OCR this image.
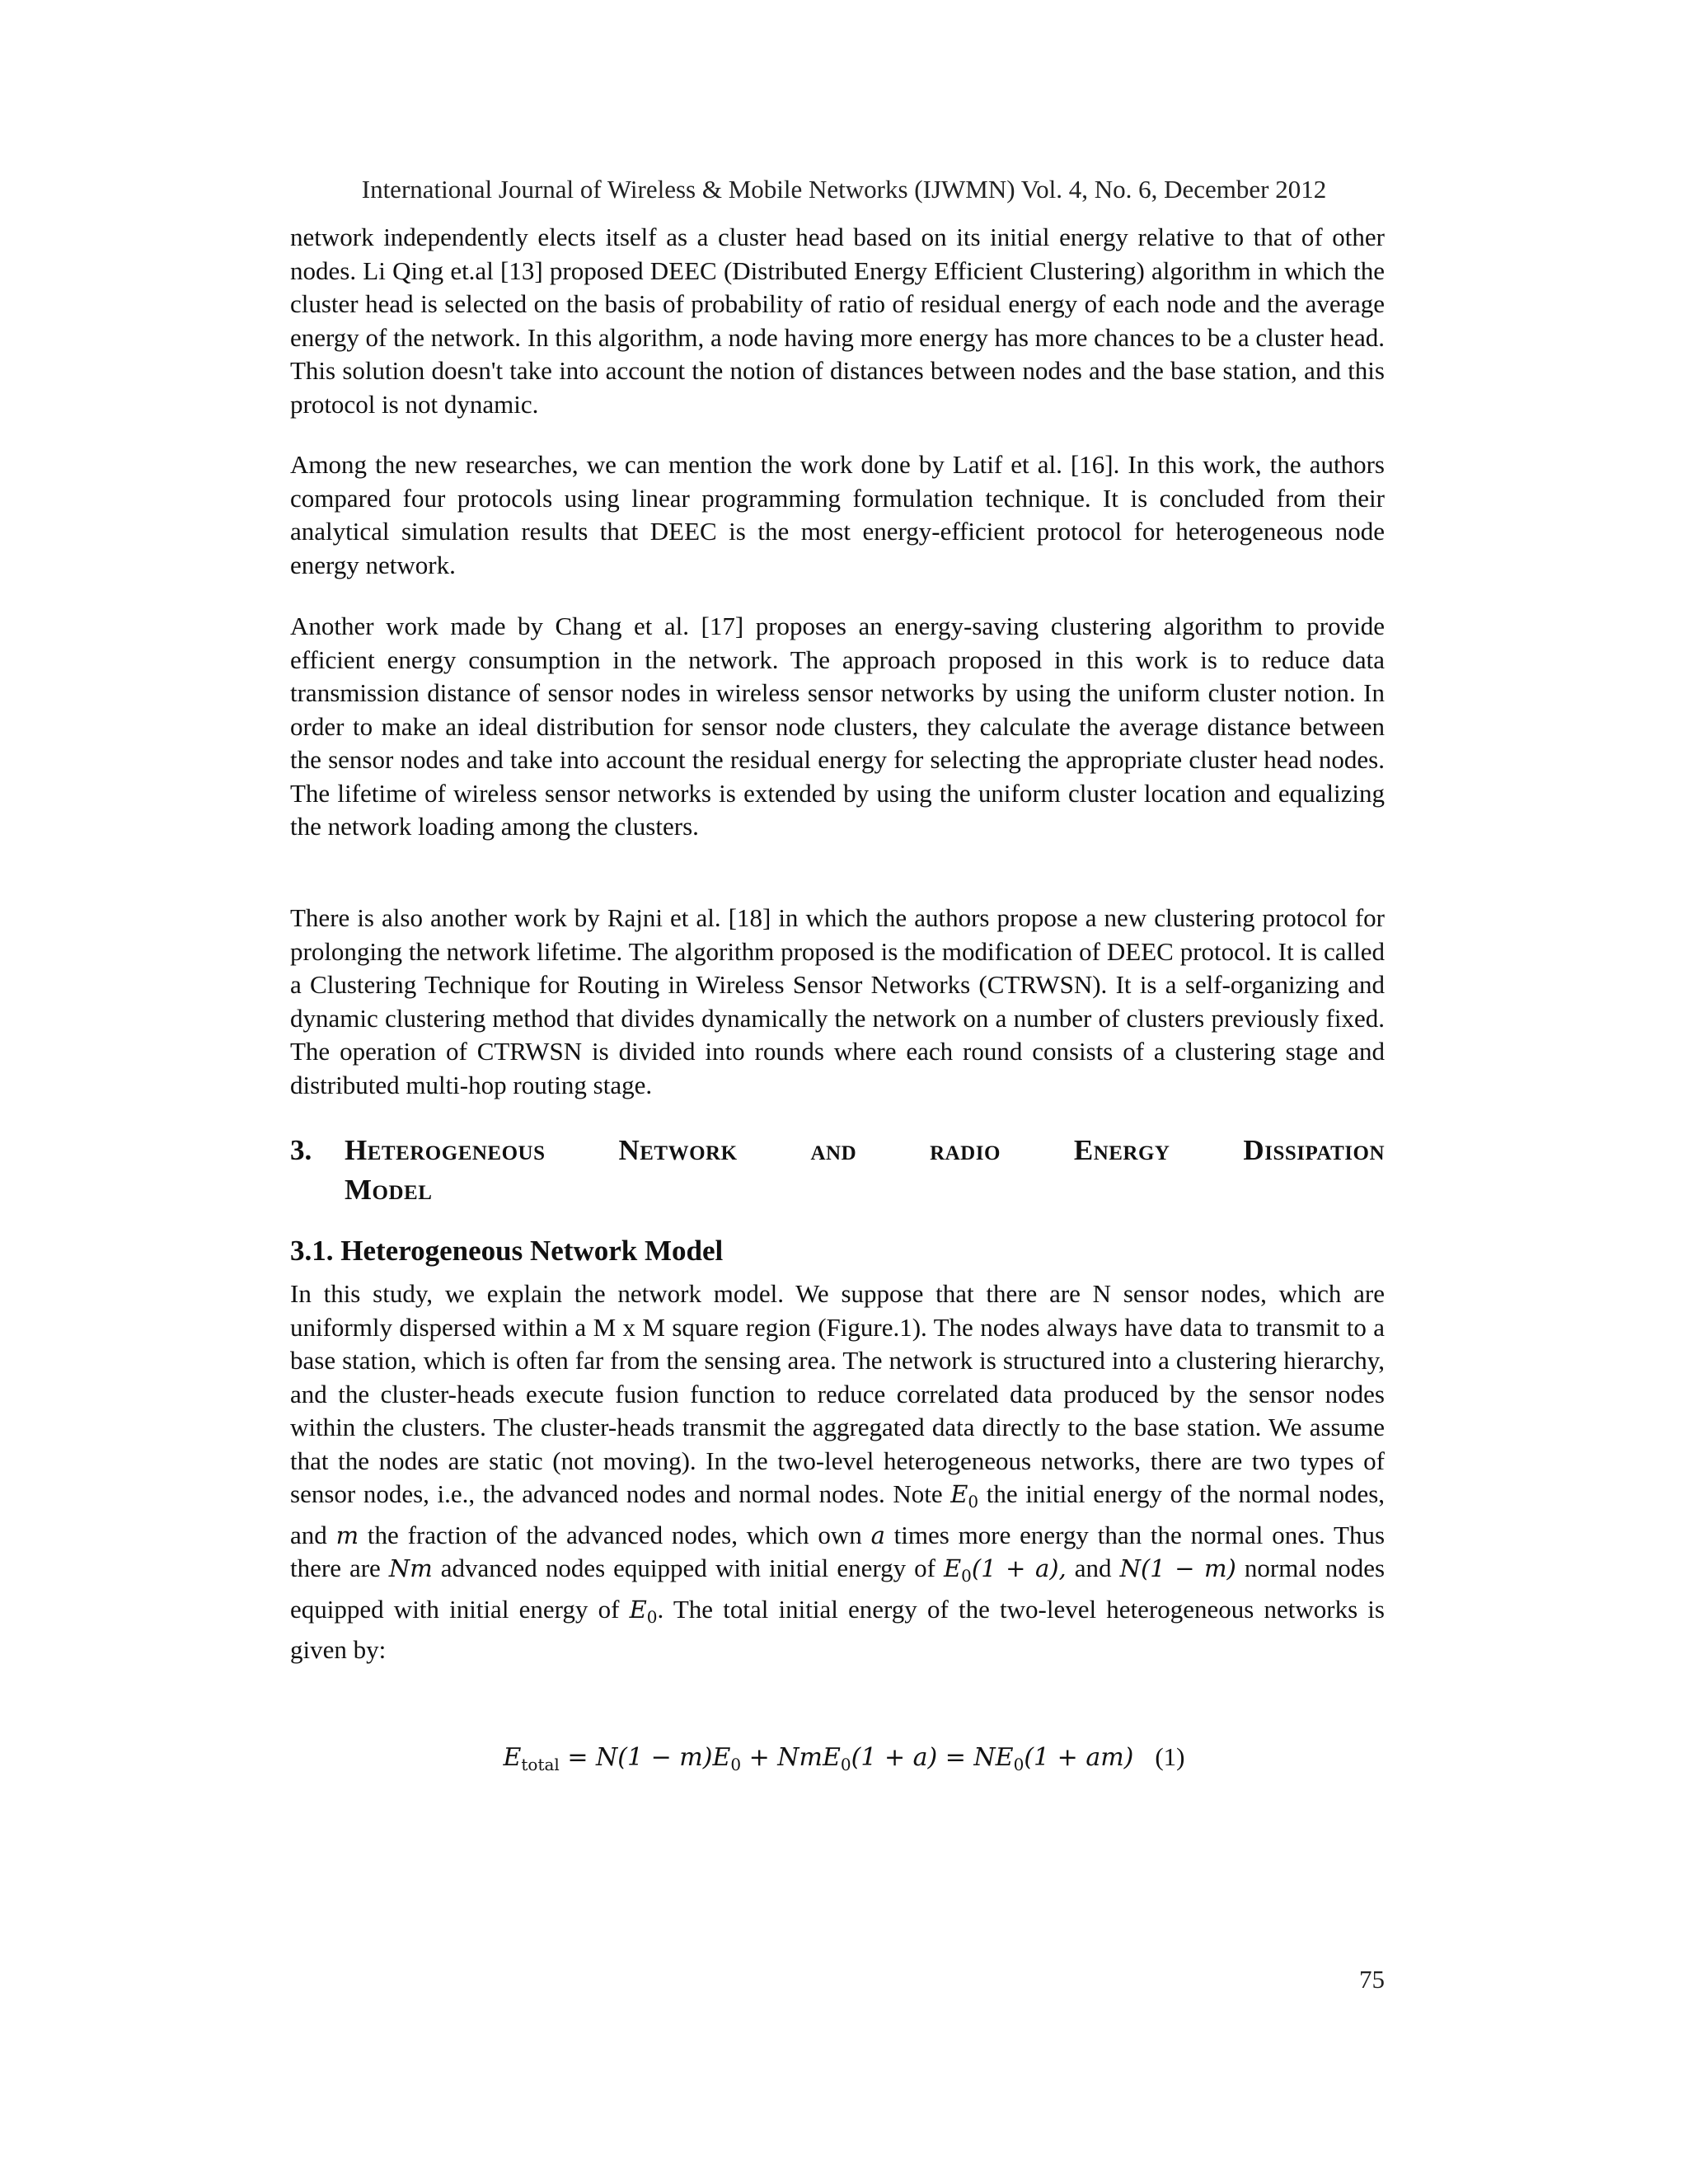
International Journal of Wireless & Mobile Networks (IJWMN) Vol. 4, No. 6, December 2012

network independently elects itself as a cluster head based on its initial energy relative to that of other nodes. Li Qing et.al [13] proposed DEEC (Distributed Energy Efficient Clustering) algorithm in which the cluster head is selected on the basis of probability of ratio of residual energy of each node and the average energy of the network. In this algorithm, a node having more energy has more chances to be a cluster head. This solution doesn't take into account the notion of distances between nodes and the base station, and this protocol is not dynamic.

Among the new researches, we can mention the work done by Latif et al. [16]. In this work, the authors compared four protocols using linear programming formulation technique. It is concluded from their analytical simulation results that DEEC is the most energy-efficient protocol for heterogeneous node energy network.

Another work made by Chang et al. [17] proposes an energy-saving clustering algorithm to provide efficient energy consumption in the network. The approach proposed in this work is to reduce data transmission distance of sensor nodes in wireless sensor networks by using the uniform cluster notion. In order to make an ideal distribution for sensor node clusters, they calculate the average distance between the sensor nodes and take into account the residual energy for selecting the appropriate cluster head nodes. The lifetime of wireless sensor networks is extended by using the uniform cluster location and equalizing the network loading among the clusters.

There is also another work by Rajni et al. [18] in which the authors propose a new clustering protocol for prolonging the network lifetime. The algorithm proposed is the modification of DEEC protocol. It is called a Clustering Technique for Routing in Wireless Sensor Networks (CTRWSN). It is a self-organizing and dynamic clustering method that divides dynamically the network on a number of clusters previously fixed. The operation of CTRWSN is divided into rounds where each round consists of a clustering stage and distributed multi-hop routing stage.

3. Heterogeneous Network and radio Energy Dissipation
Model
3.1. Heterogeneous Network Model

In this study, we explain the network model. We suppose that there are N sensor nodes, which are uniformly dispersed within a M x M square region (Figure.1). The nodes always have data to transmit to a base station, which is often far from the sensing area. The network is structured into a clustering hierarchy, and the cluster-heads execute fusion function to reduce correlated data produced by the sensor nodes within the clusters. The cluster-heads transmit the aggregated data directly to the base station. We assume that the nodes are static (not moving). In the two-level heterogeneous networks, there are two types of sensor nodes, i.e., the advanced nodes and normal nodes. Note $E_0$ the initial energy of the normal nodes, and m the fraction of the advanced nodes, which own a times more energy than the normal ones. Thus there are Nm advanced nodes equipped with initial energy of $E_0(1 + a)$, and N(1 − m) normal nodes equipped with initial energy of $E_0$. The total initial energy of the two-level heterogeneous networks is given by:

$E_{total} = N(1 - m)E_0 + NmE_0(1 + a) = NE_0(1 + am)$ (1)
75
